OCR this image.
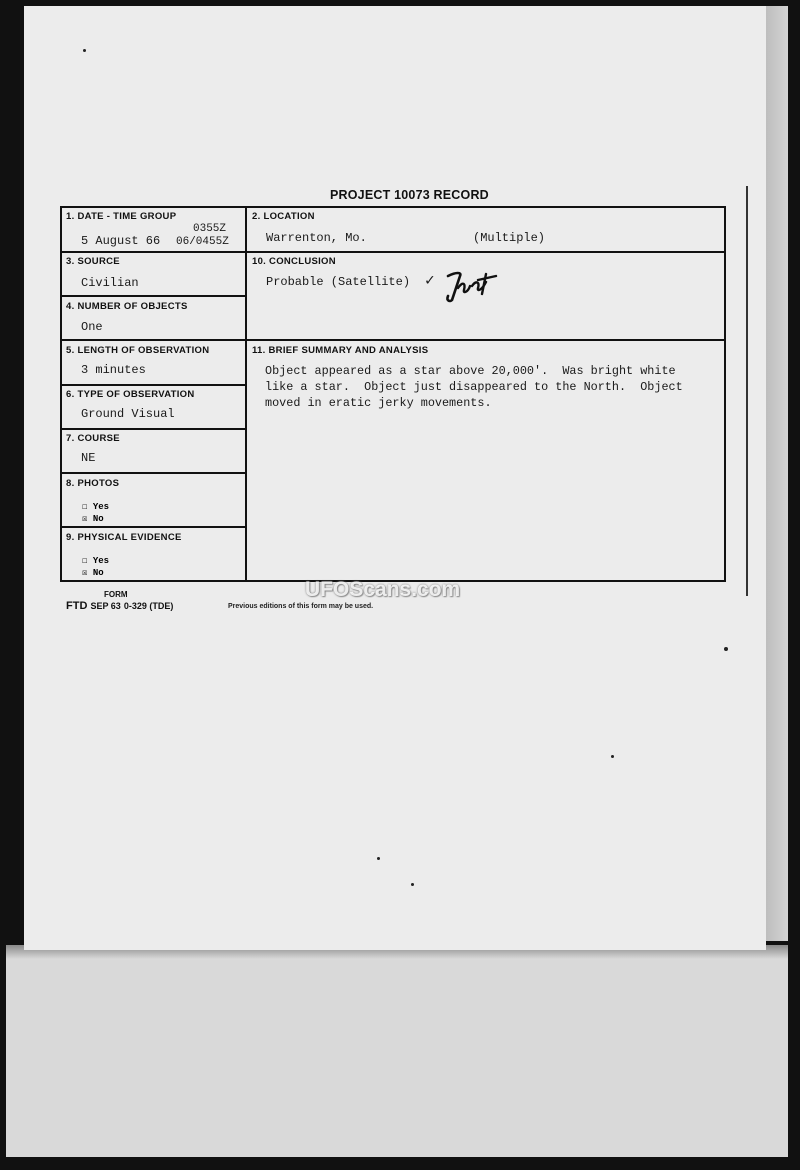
PROJECT 10073 RECORD
1. DATE - TIME GROUP
5 August 66
0355Z
06/0455Z
2. LOCATION
Warrenton, Mo.	(Multiple)
3. SOURCE
Civilian
10. CONCLUSION
Probable (Satellite) ✓
4. NUMBER OF OBJECTS
One
5. LENGTH OF OBSERVATION
3 minutes
11. BRIEF SUMMARY AND ANALYSIS
Object appeared as a star above 20,000'.  Was bright white
like a star.  Object just disappeared to the North.  Object
moved in eratic jerky movements.
6. TYPE OF OBSERVATION
Ground Visual
7. COURSE
NE
8. PHOTOS
☐ Yes
☒ No
9. PHYSICAL EVIDENCE
☐ Yes
☒ No
FORM
FTD SEP 63 0-329 (TDE)	Previous editions of this form may be used.
UFOScans.com
